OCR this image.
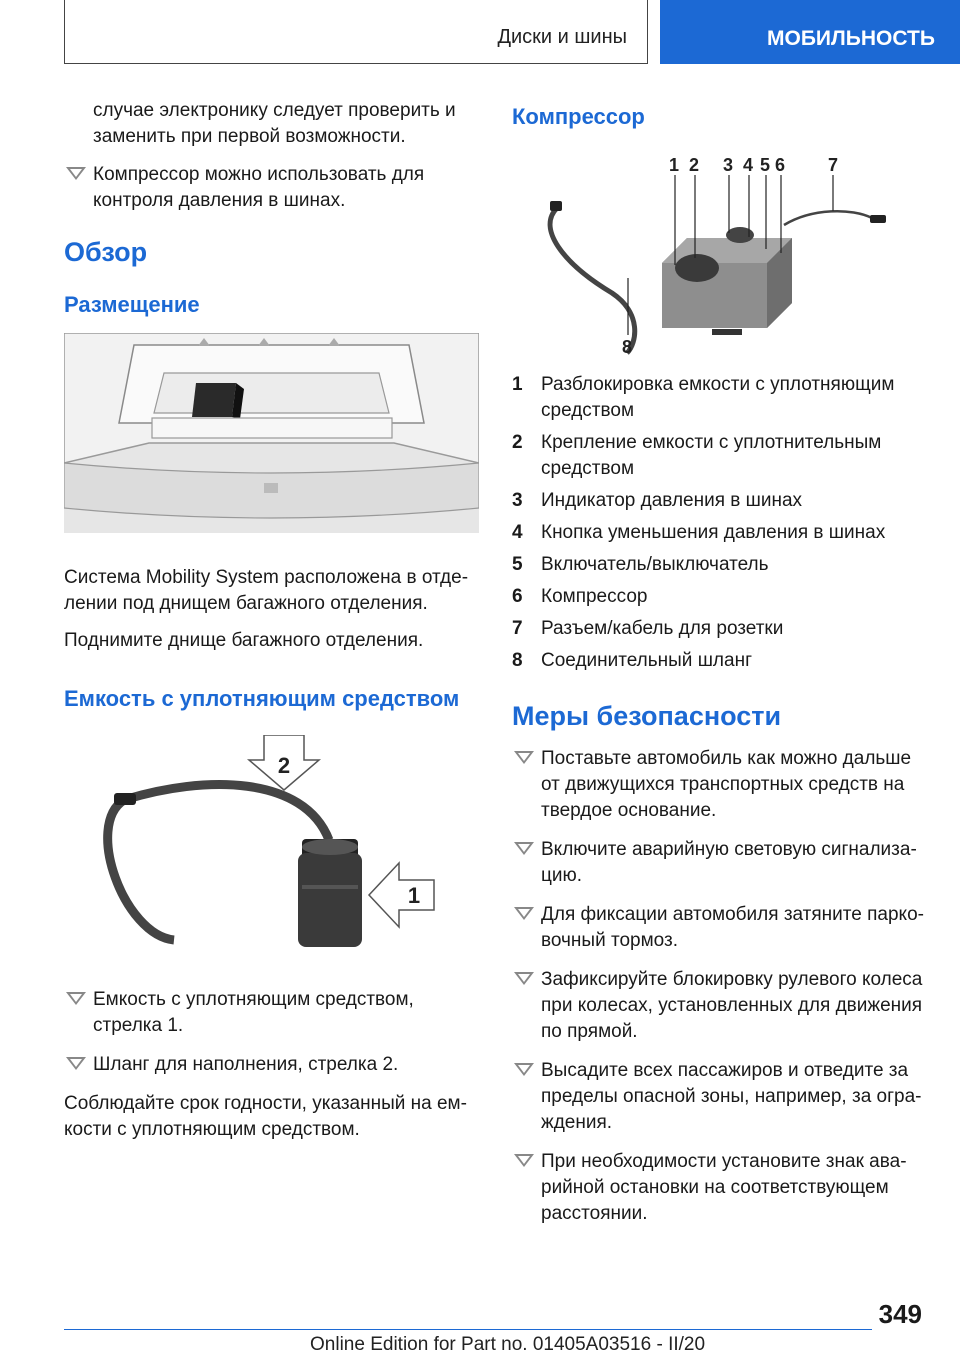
Диски и шины	МОБИЛЬНОСТЬ

случае электронику следует проверить и заменить при первой возможности.

Компрессор можно использовать для контроля давления в шинах.
Обзор
Размещение

Система Mobility System расположена в отделении под днищем багажного отделения.

Поднимите днище багажного отделения.

Емкость с уплотняющим средством
2
1
Емкость с уплотняющим средством, стрелка 1.
Шланг для наполнения, стрелка 2.

Соблюдайте срок годности, указанный на емкости с уплотняющим средством.

Компрессор
1 2 3 4 5 6 7
8
1 Разблокировка емкости с уплотняющим средством
2 Крепление емкости с уплотнительным средством
3 Индикатор давления в шинах
4 Кнопка уменьшения давления в шинах
5 Включатель/выключатель
6 Компрессор
7 Разъем/кабель для розетки
8 Соединительный шланг
Меры безопасности
Поставьте автомобиль как можно дальше от движущихся транспортных средств на твердое основание.
Включите аварийную световую сигнализацию.
Для фиксации автомобиля затяните парковочный тормоз.
Зафиксируйте блокировку рулевого колеса при колесах, установленных для движения по прямой.
Высадите всех пассажиров и отведите за пределы опасной зоны, например, за ограждения.
При необходимости установите знак аварийной остановки на соответствующем расстоянии.
349
Online Edition for Part no. 01405A03516 - II/20
